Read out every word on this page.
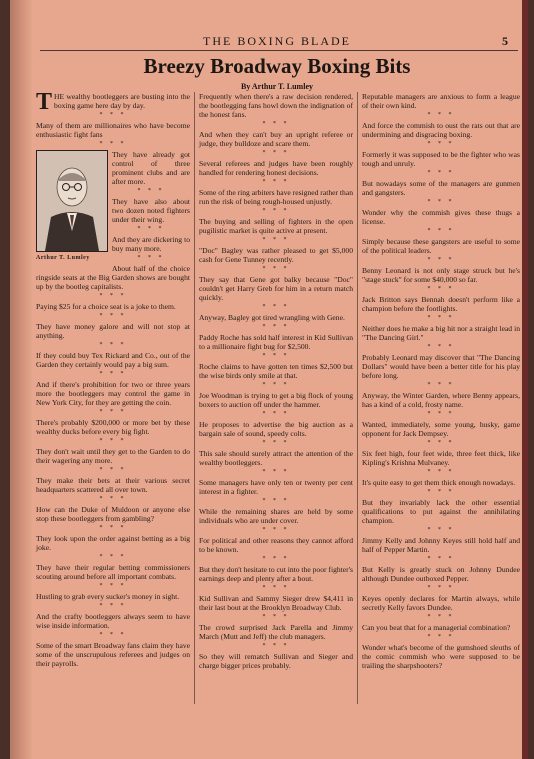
THE BOXING BLADE	5
Breezy Broadway Boxing Bits
By Arthur T. Lumley

THE wealthy bootleggers are busting into the boxing game here day by day.

* * *

Many of them are millionaires who have become enthusiastic fight fans

* * *
Arthur T. Lumley

They have already got control of three prominent clubs and are after more.

* * *

They have also about two dozen noted fighters under their wing.

* * *

And they are dickering to buy many more.

* * *

About half of the choice ringside seats at the Big Garden shows are bought up by the bootleg capitalists.

* * *

Paying $25 for a choice seat is a joke to them.

* * *

They have money galore and will not stop at anything.

* * *

If they could buy Tex Rickard and Co., out of the Garden they certainly would pay a big sum.

* * *

And if there's prohibition for two or three years more the bootleggers may control the game in New York City, for they are getting the coin.

* * *

There's probably $200,000 or more bet by these wealthy ducks before every big fight.

* * *

They don't wait until they get to the Garden to do their wagering any more.

* * *

They make their bets at their various secret headquarters scattered all over town.

* * *

How can the Duke of Muldoon or anyone else stop these bootleggers from gambling?

* * *

They look upon the order against betting as a big joke.

* * *

They have their regular betting commissioners scouting around before all important combats.

* * *

Hustling to grab every sucker's money in sight.

* * *

And the crafty bootleggers always seem to have wise inside information.

* * *

Some of the smart Broadway fans claim they have some of the unscrupulous referees and judges on their payrolls.

Frequently when there's a raw decision rendered, the bootlegging fans howl down the indignation of the honest fans.

* * *

And when they can't buy an upright referee or judge, they bulldoze and scare them.

* * *

Several referees and judges have been roughly handled for rendering honest decisions.

* * *

Some of the ring arbiters have resigned rather than run the risk of being rough-housed unjustly.

* * *

The buying and selling of fighters in the open pugilistic market is quite active at present.

* * *

"Doc" Bagley was rather pleased to get $5,000 cash for Gene Tunney recently.

* * *

They say that Gene got balky because "Doc" couldn't get Harry Greb for him in a return match quickly.

* * *

Anyway, Bagley got tired wrangling with Gene.

* * *

Paddy Roche has sold half interest in Kid Sullivan to a millionaire fight bug for $2,500.

* * *

Roche claims to have gotten ten times $2,500 but the wise birds only smile at that.

* * *

Joe Woodman is trying to get a big flock of young boxers to auction off under the hammer.

* * *

He proposes to advertise the big auction as a bargain sale of sound, speedy colts.

* * *

This sale should surely attract the attention of the wealthy bootleggers.

* * *

Some managers have only ten or twenty per cent interest in a fighter.

* * *

While the remaining shares are held by some individuals who are under cover.

* * *

For political and other reasons they cannot afford to be known.

* * *

But they don't hesitate to cut into the poor fighter's earnings deep and plenty after a bout.

* * *

Kid Sullivan and Sammy Sieger drew $4,411 in their last bout at the Brooklyn Broadway Club.

* * *

The crowd surprised Jack Parella and Jimmy March (Mutt and Jeff) the club managers.

* * *

So they will rematch Sullivan and Sieger and charge bigger prices probably.

Reputable managers are anxious to form a league of their own kind.

* * *

And force the commish to oust the rats out that are undermining and disgracing boxing.

* * *

Formerly it was supposed to be the fighter who was tough and unruly.

* * *

But nowadays some of the managers are gunmen and gangsters.

* * *

Wonder why the commish gives these thugs a license.

* * *

Simply because these gangsters are useful to some of the political leaders.

* * *

Benny Leonard is not only stage struck but he's "stage stuck" for some $40,000 so far.

* * *

Jack Britton says Bennah doesn't perform like a champion before the footlights.

* * *

Neither does he make a big hit nor a straight lead in "The Dancing Girl."

* * *

Probably Leonard may discover that "The Dancing Dollars" would have been a better title for his play before long.

* * *

Anyway, the Winter Garden, where Benny appears, has a kind of a cold, frosty name.

* * *

Wanted, immediately, some young, husky, game opponent for Jack Dempsey.

* * *

Six feet high, four feet wide, three feet thick, like Kipling's Krishna Mulvaney.

* * *

It's quite easy to get them thick enough nowadays.

* * *

But they invariably lack the other essential qualifications to put against the annihilating champion.

* * *

Jimmy Kelly and Johnny Keyes still hold half and half of Pepper Martin.

* * *

But Kelly is greatly stuck on Johnny Dundee although Dundee outboxed Pepper.

* * *

Keyes openly declares for Martin always, while secretly Kelly favors Dundee.

* * *

Can you beat that for a managerial combination?

* * *

Wonder what's become of the gumshoed sleuths of the comic commish who were supposed to be trailing the sharpshooters?
